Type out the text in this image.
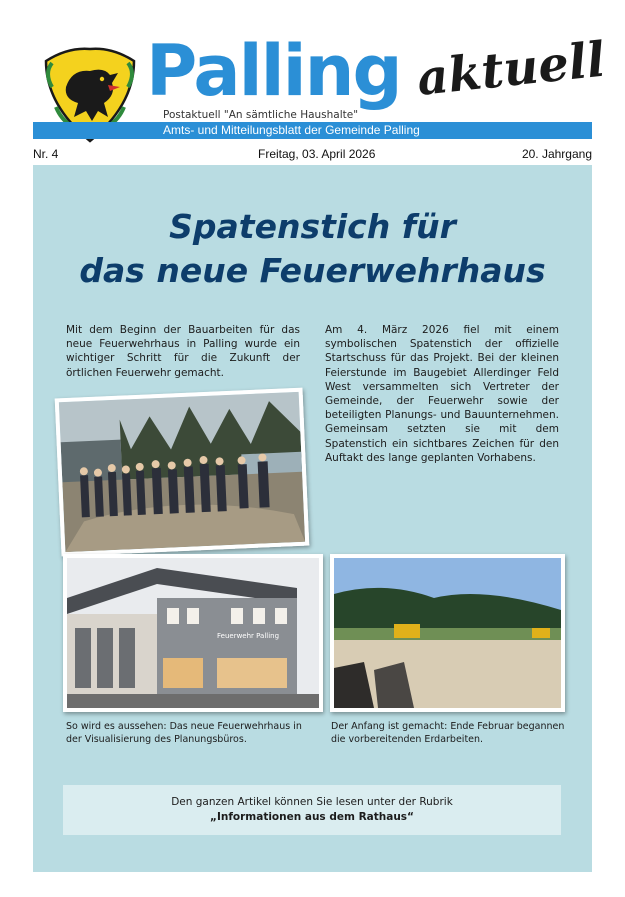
Palling aktuell
Postaktuell "An sämtliche Haushalte"
Amts- und Mitteilungsblatt der Gemeinde Palling
Nr. 4	Freitag, 03. April 2026	20. Jahrgang
Spatenstich für
das neue Feuerwehrhaus
Mit dem Beginn der Bauarbeiten für das neue Feuerwehrhaus in Palling wurde ein wichtiger Schritt für die Zukunft der örtlichen Feuerwehr gemacht.
Am 4. März 2026 fiel mit einem symbolischen Spatenstich der offizielle Startschuss für das Projekt. Bei der kleinen Feierstunde im Baugebiet Allerdinger Feld West versammelten sich Vertreter der Gemeinde, der Feuerwehr sowie der beteiligten Planungs- und Bauunternehmen. Gemeinsam setzten sie mit dem Spatenstich ein sichtbares Zeichen für den Auftakt des lange geplanten Vorhabens.
Feuerwehr Palling
So wird es aussehen: Das neue Feuerwehrhaus in der Visualisierung des Planungsbüros.
Der Anfang ist gemacht: Ende Februar begannen die vorbereitenden Erdarbeiten.
Den ganzen Artikel können Sie lesen unter der Rubrik
„Informationen aus dem Rathaus“
